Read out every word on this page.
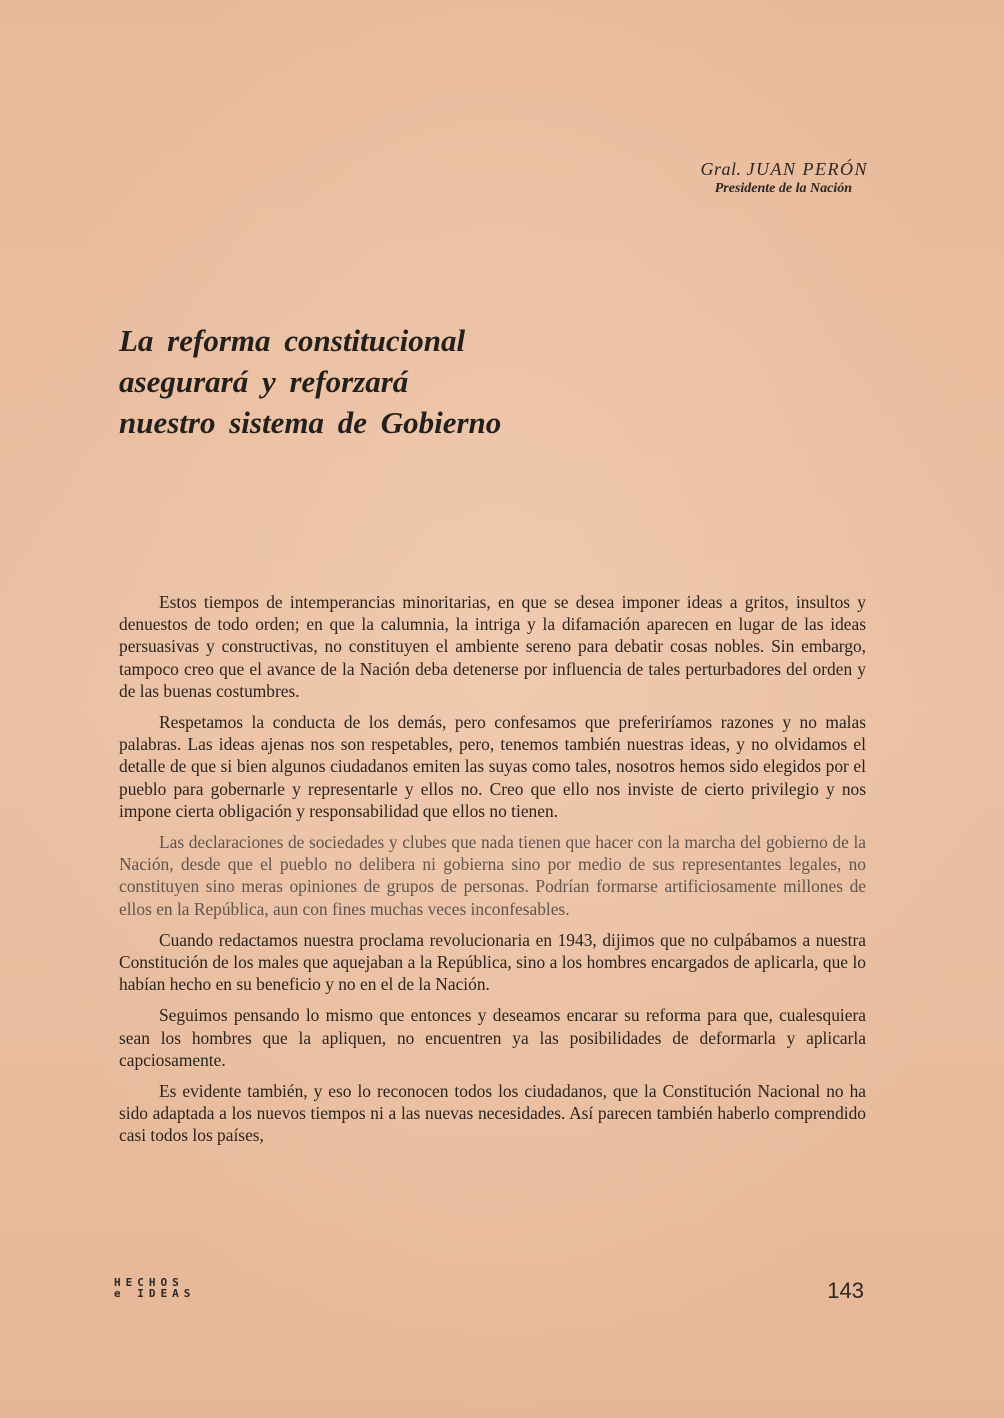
Gral. JUAN PERÓN
Presidente de la Nación
La reforma constitucional
asegurará y reforzará
nuestro sistema de Gobierno

Estos tiempos de intemperancias minoritarias, en que se desea imponer ideas a gritos, insultos y denuestos de todo orden; en que la calumnia, la intriga y la difamación aparecen en lugar de las ideas persuasivas y constructivas, no constituyen el ambiente sereno para debatir cosas nobles. Sin embargo, tampoco creo que el avance de la Nación deba detenerse por influencia de tales perturbadores del orden y de las buenas costumbres.

Respetamos la conducta de los demás, pero confesamos que preferiríamos razones y no malas palabras. Las ideas ajenas nos son respetables, pero, tenemos también nuestras ideas, y no olvidamos el detalle de que si bien algunos ciudadanos emiten las suyas como tales, nosotros hemos sido elegidos por el pueblo para gobernarle y representarle y ellos no. Creo que ello nos inviste de cierto privilegio y nos impone cierta obligación y responsabilidad que ellos no tienen.

Las declaraciones de sociedades y clubes que nada tienen que hacer con la marcha del gobierno de la Nación, desde que el pueblo no delibera ni gobierna sino por medio de sus representantes legales, no constituyen sino meras opiniones de grupos de personas. Podrían formarse artificiosamente millones de ellos en la República, aun con fines muchas veces inconfesables.

Cuando redactamos nuestra proclama revolucionaria en 1943, dijimos que no culpábamos a nuestra Constitución de los males que aquejaban a la República, sino a los hombres encargados de aplicarla, que lo habían hecho en su beneficio y no en el de la Nación.

Seguimos pensando lo mismo que entonces y deseamos encarar su reforma para que, cualesquiera sean los hombres que la apliquen, no encuentren ya las posibilidades de deformarla y aplicarla capciosamente.

Es evidente también, y eso lo reconocen todos los ciudadanos, que la Constitución Nacional no ha sido adaptada a los nuevos tiempos ni a las nuevas necesidades. Así parecen también haberlo comprendido casi todos los países,

HECHOS
e IDEAS	143
